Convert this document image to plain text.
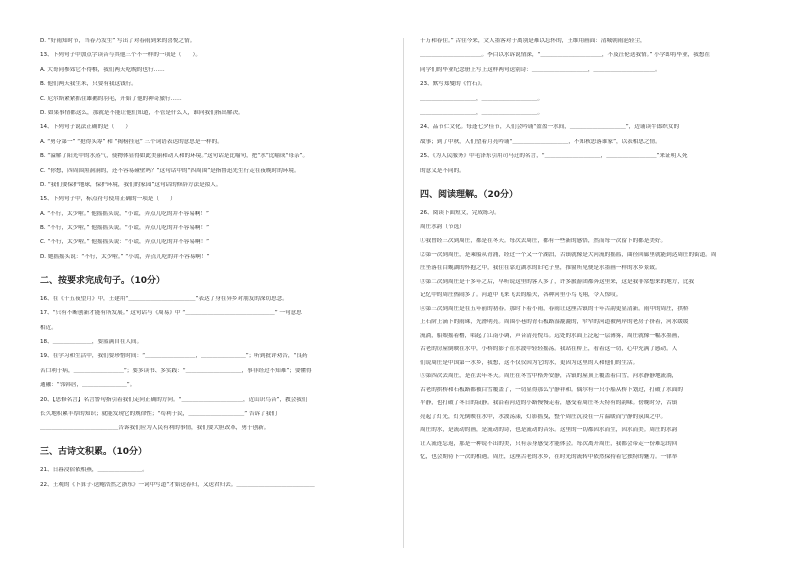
D. “好雨知时节，当春乃发生” 写出了对春雨到来的喜悦之情。

13、下列句子中加点字读音与其他三个不一样的一项是（　　）。

A. 大哥同参郊它不得棋，我们两天吃晚的也行……

B. 他们两天我生米，只要有我这钱行。

C. 尼尔斯紧紧抓住雄鹅的羽毛，开始了他的神奇旅行……

D. 如果事情都这么，那就是不能让他们知道，不管是什么人，谁向我们指出解决。

14、下列句子说法正确的是（　　）

A. “勇夺第一” “抢得头筹” 和 “揭榜挂冠” 三个词语表达的意思是一样的。

B. “溢解了阳光中的水蒸气，使物体显得如此美丽和动人和的环境。”这句话是比喻句，把“水”比喻成“母亲”。

C. “你想，四周围黑洞洞的，还不容易碰壁吗？”这句话中的“四周围”是指鲁迅先生行走在夜晚时的环境。

D. “我们要保护地球，保护环境，我们的家园”这句话的修辞方法是拟人。

15、下列句子中，标点符号使用正确的一项是（　　）

A. “不行，太少啦。” 他摇摇头说，“小谎，弄点儿吃的并不容易啊！”

B. “不行，太少啦，” 他摇摇头说。“小谎，弄点儿吃的并不容易啊！”

C. “不行，太少啦。” 他摇摇头说：“小谎，弄点儿吃的并不容易啊！”

D. 她摇摇头说：“不行，太少啦。” “小谎，弄点儿吃的并不容易啊！”

二、按要求完成句子。（10分）

16、在《十五夜望月》中，王建用“＿＿＿＿＿＿＿＿＿＿＿＿”表达了身在异乡对朋友的深切思念。

17、“只有不断创新才能有所发展。” 这句话与《周易》中 “＿＿＿＿＿＿＿＿＿＿＿＿＿＿＿＿” 一句意思

相近。

18、＿＿＿＿＿＿＿，要篮满自在人间。

19、在学习和生活中，我们要珍惜时间：“＿＿＿＿＿＿＿＿＿，＿＿＿＿＿＿＿＿”；听到批评劝告，“良药

苦口利于病，＿＿＿＿＿＿＿＿＿”；要多读书、多实践：“＿＿＿＿＿＿＿＿＿＿，事非经过不知难”；要懂得

通融：“邻韩居，＿＿＿＿＿＿＿＿”。

20、【思修名言】名言警句指引着我们走向正确的方向。“＿＿＿＿＿＿＿＿＿＿＿，近山识鸟音”，教会我们

长久地积累丰厚的知识；就能发现它的规律性；“苟利于民，＿＿＿＿＿＿＿＿＿＿” 告诉了我们

＿＿＿＿＿＿＿＿＿＿＿＿＿＿告诉我们应为人民有利的事情，我们要大胆改革，勇于创新。

三、古诗文积累。（10分）

21、日暮浸宿依相燕，＿＿＿＿＿＿＿＿。

22、王观的《卜算子·送鲍浩然之浙东》一词中写道“才始送春归，又送君归去。＿＿＿＿＿＿＿＿＿＿＿＿＿＿

千万和春住。” 古往今来，文人墨客对于离别是难以忘怀的，王维用画面：清城朝雨浥轻尘，

＿＿＿＿＿＿＿＿＿＿＿。李白以水诉说情深，“＿＿＿＿＿＿＿＿＿＿＿，不及汪伦送我情。” 小学即将毕业，我想在

同学们的毕业纪念册上写上这样两句送别诗：＿＿＿＿＿＿＿＿＿＿，＿＿＿＿＿＿＿＿＿＿＿。

23、默写郑燮的《竹石》。

＿＿＿＿＿＿＿＿＿＿，＿＿＿＿＿＿＿＿＿＿。

＿＿＿＿＿＿＿＿＿＿，＿＿＿＿＿＿＿＿＿＿。

24、品节仁文化。每逢七夕佳节，人们会吟诵“盈盈一水间，＿＿＿＿＿＿＿＿＿＿”，边诵读牛郎织女的

故事；到了中秋，人们望着月亮吟诵“＿＿＿＿＿＿＿＿＿＿，不知秋思落谁家”，以表相思之情。

25、《为人民服务》中毛泽东引用司马迁的名言，“＿＿＿＿＿＿＿＿＿＿，＿＿＿＿＿＿＿＿＿”来证明人死

的意义是不同的。

四、阅读理解。（20分）

26、阅读下面短文，完成练习。

周庄水韵（节选）

①我曾经三次到周庄，都是在冬天。每次去周庄，都有一些新的感悟，然而每一次留下的都是美好。

②第一次到周庄，是乘船从青浦，经过一个又一个湖泊，古镇就像是大河流的摇篮，曲径回廊里就能到达周庄的街道。周

庄坐落在白蚬湖的怀抱之中，我住在靠近湖水的旧宅子里，推窗所见便是水墨画一样的水乡景致。

③第二次到周庄是十多年之后，早听说这里的客人多了，许多旅游团都奔这里来，这是我非常想来的地方，比我

记忆中的周庄热闹多了。河道中飞来飞去的船夫，各种河里小鸟飞翔，令人惊叹。

④第三次到周庄是在五年前的初春。那时下着小雨，春雨让这座古镇的千年古韵更显清新。雨中的周庄，拱桥

上石阶上滴下的雨珠，光滑明亮。周围小巷的青石板路湿漉漉的，窄窄的河道被两岸的老房子挤着，河水缓缓

流淌，船娘摇着橹，唱起了江南小调，声音清亮悦耳。远处的水面上泛起一层薄雾，周庄就像一幅水墨画，

古老的房屋倒映在水中，小桥的影子在水波中轻轻摇荡。我站在桥上，看着这一切，心中充满了感动。人

们说周庄是中国第一水乡，我想，这不仅仅因为它的水，更因为这里的人和他们的生活。

⑤第四次去周庄，是在去年冬天。周庄在冬雪中格外安静，古镇的屋顶上覆盖着白雪，河水静静地流淌，

古老的拱桥和石板路都被白雪覆盖了，一切显得那么宁静祥和。偶尔有一只小船从桥下划过，打破了水面的

平静，也打破了冬日的寂静。我沿着河边的小路慢慢走着，感受着周庄冬天特有的韵味。傍晚时分，古镇

亮起了灯光，灯光倒映在水中，水波荡漾，灯影摇曳，整个周庄沉浸在一片温暖而宁静的氛围之中。

周庄的水，是流动的画，是流动的诗，也是流动的音乐。这里的一切都因水而生，因水而美。周庄的水韵

让人流连忘返，那是一种说不出的美，只有亲身感受才能体会。每次离开周庄，我都会带走一份难忘的回

忆，也会期待下一次的相遇。周庄，这座古老的水乡，在时光的流转中依然保持着它独特的魅力。一律举
